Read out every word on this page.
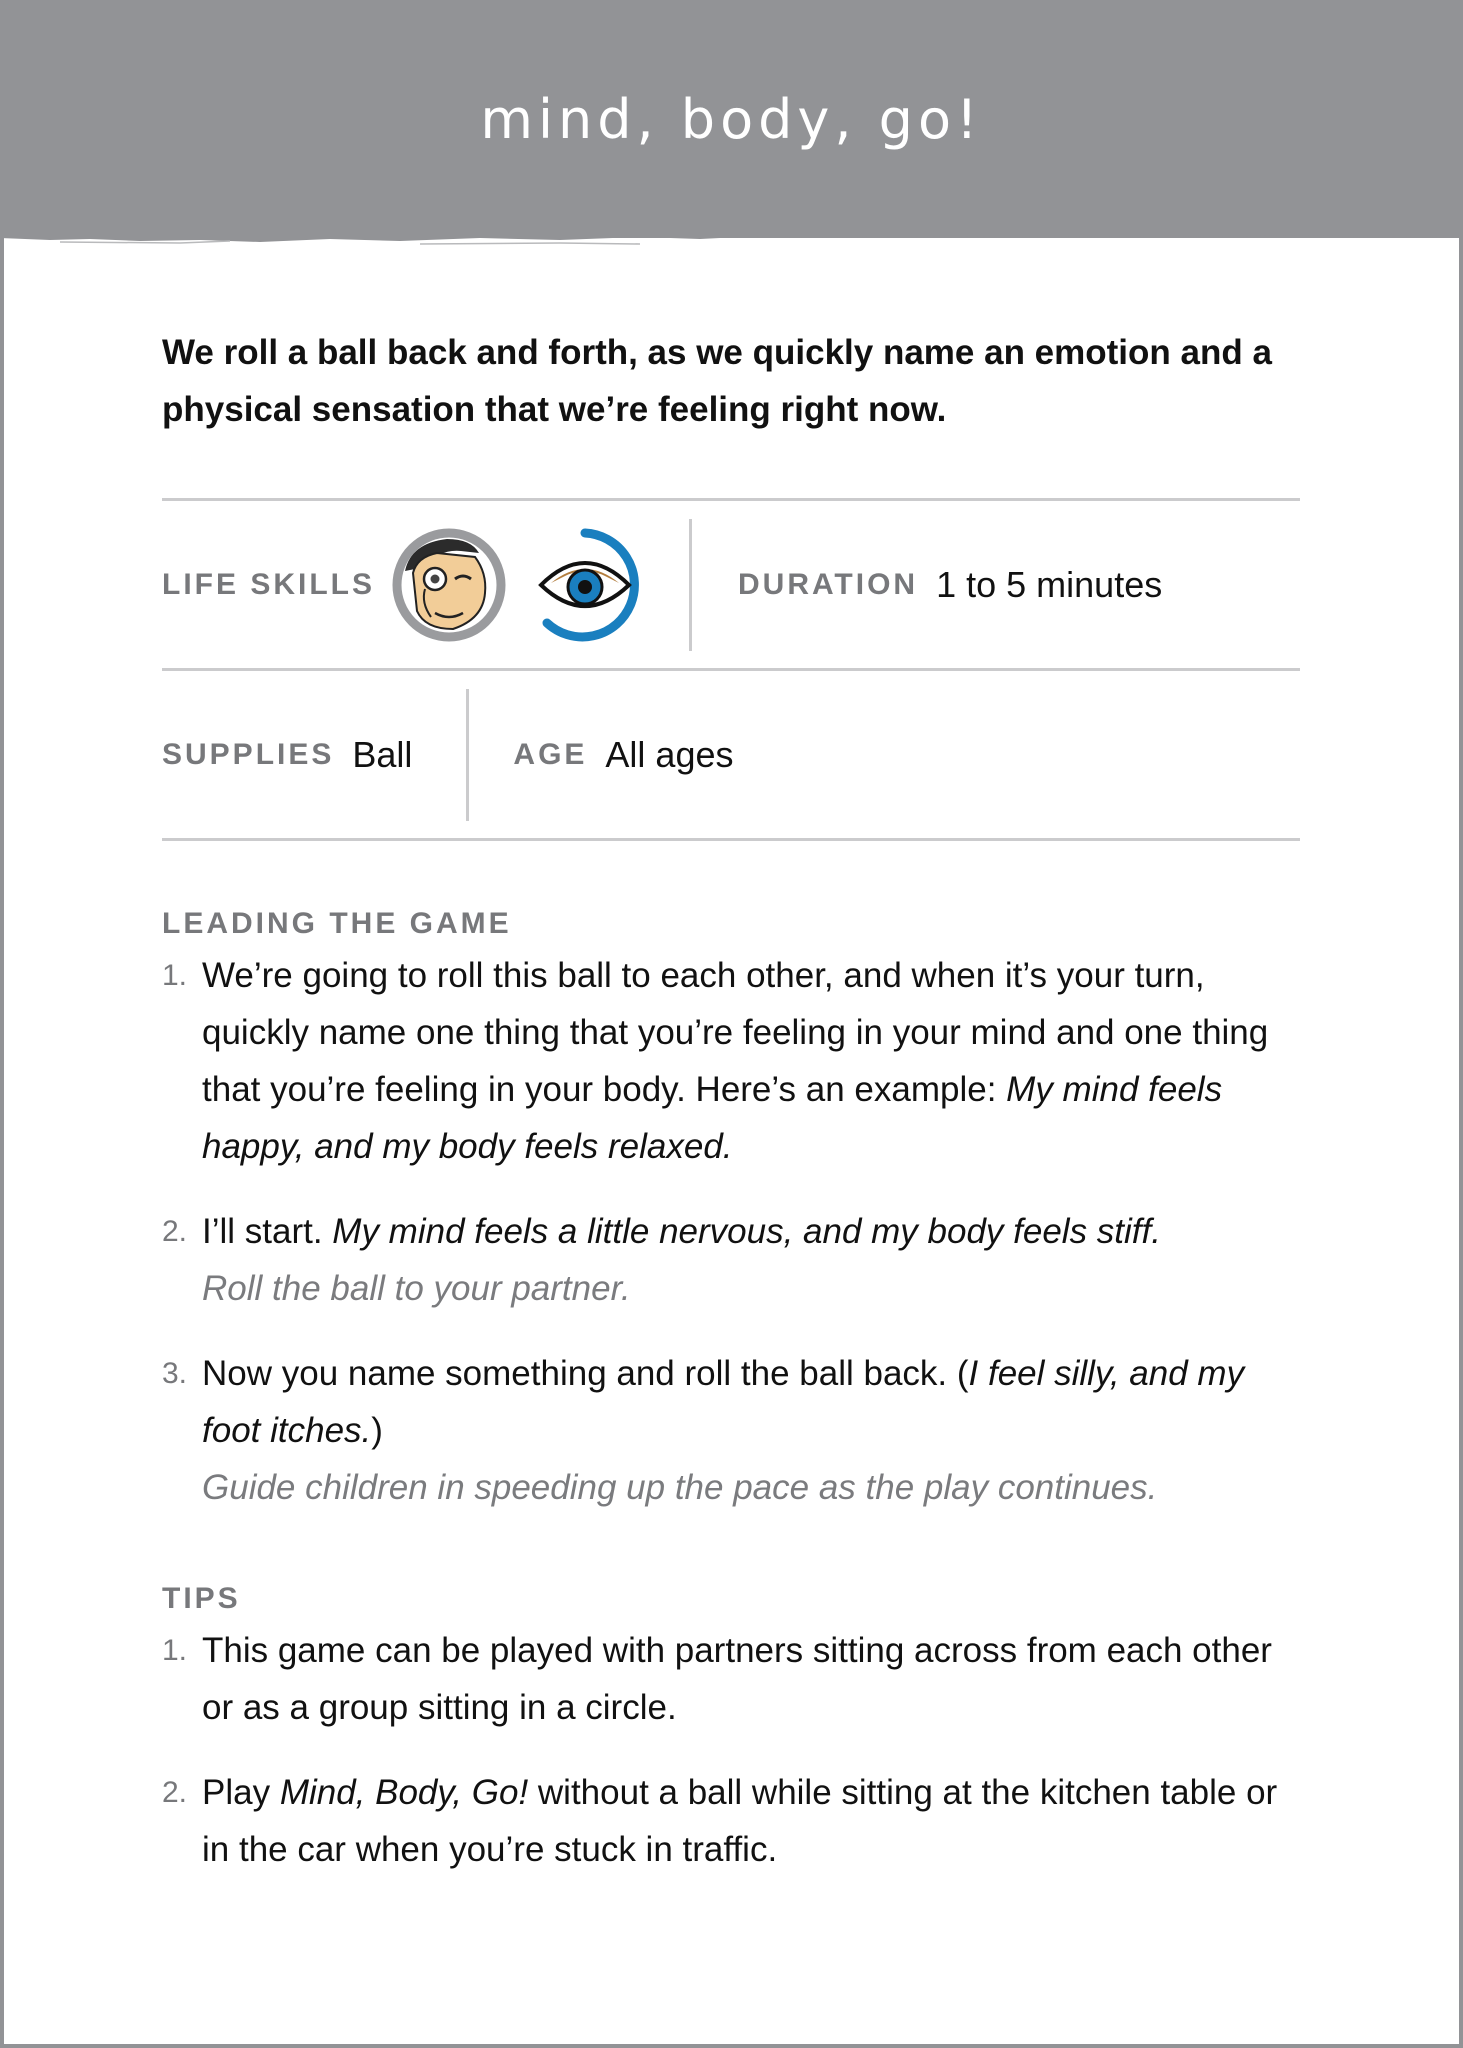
mind, body, go!

We roll a ball back and forth, as we quickly name an emotion and a physical sensation that we’re feeling right now.

LIFE SKILLS	DURATION 1 to 5 minutes
SUPPLIES Ball	AGE All ages
LEADING THE GAME
1. We’re going to roll this ball to each other, and when it’s your turn, quickly name one thing that you’re feeling in your mind and one thing that you’re feeling in your body. Here’s an example: My mind feels happy, and my body feels relaxed.
2. I’ll start. My mind feels a little nervous, and my body feels stiff.
Roll the ball to your partner.
3. Now you name something and roll the ball back. (I feel silly, and my foot itches.)
Guide children in speeding up the pace as the play continues.
TIPS
1. This game can be played with partners sitting across from each other or as a group sitting in a circle.
2. Play Mind, Body, Go! without a ball while sitting at the kitchen table or in the car when you’re stuck in traffic.
